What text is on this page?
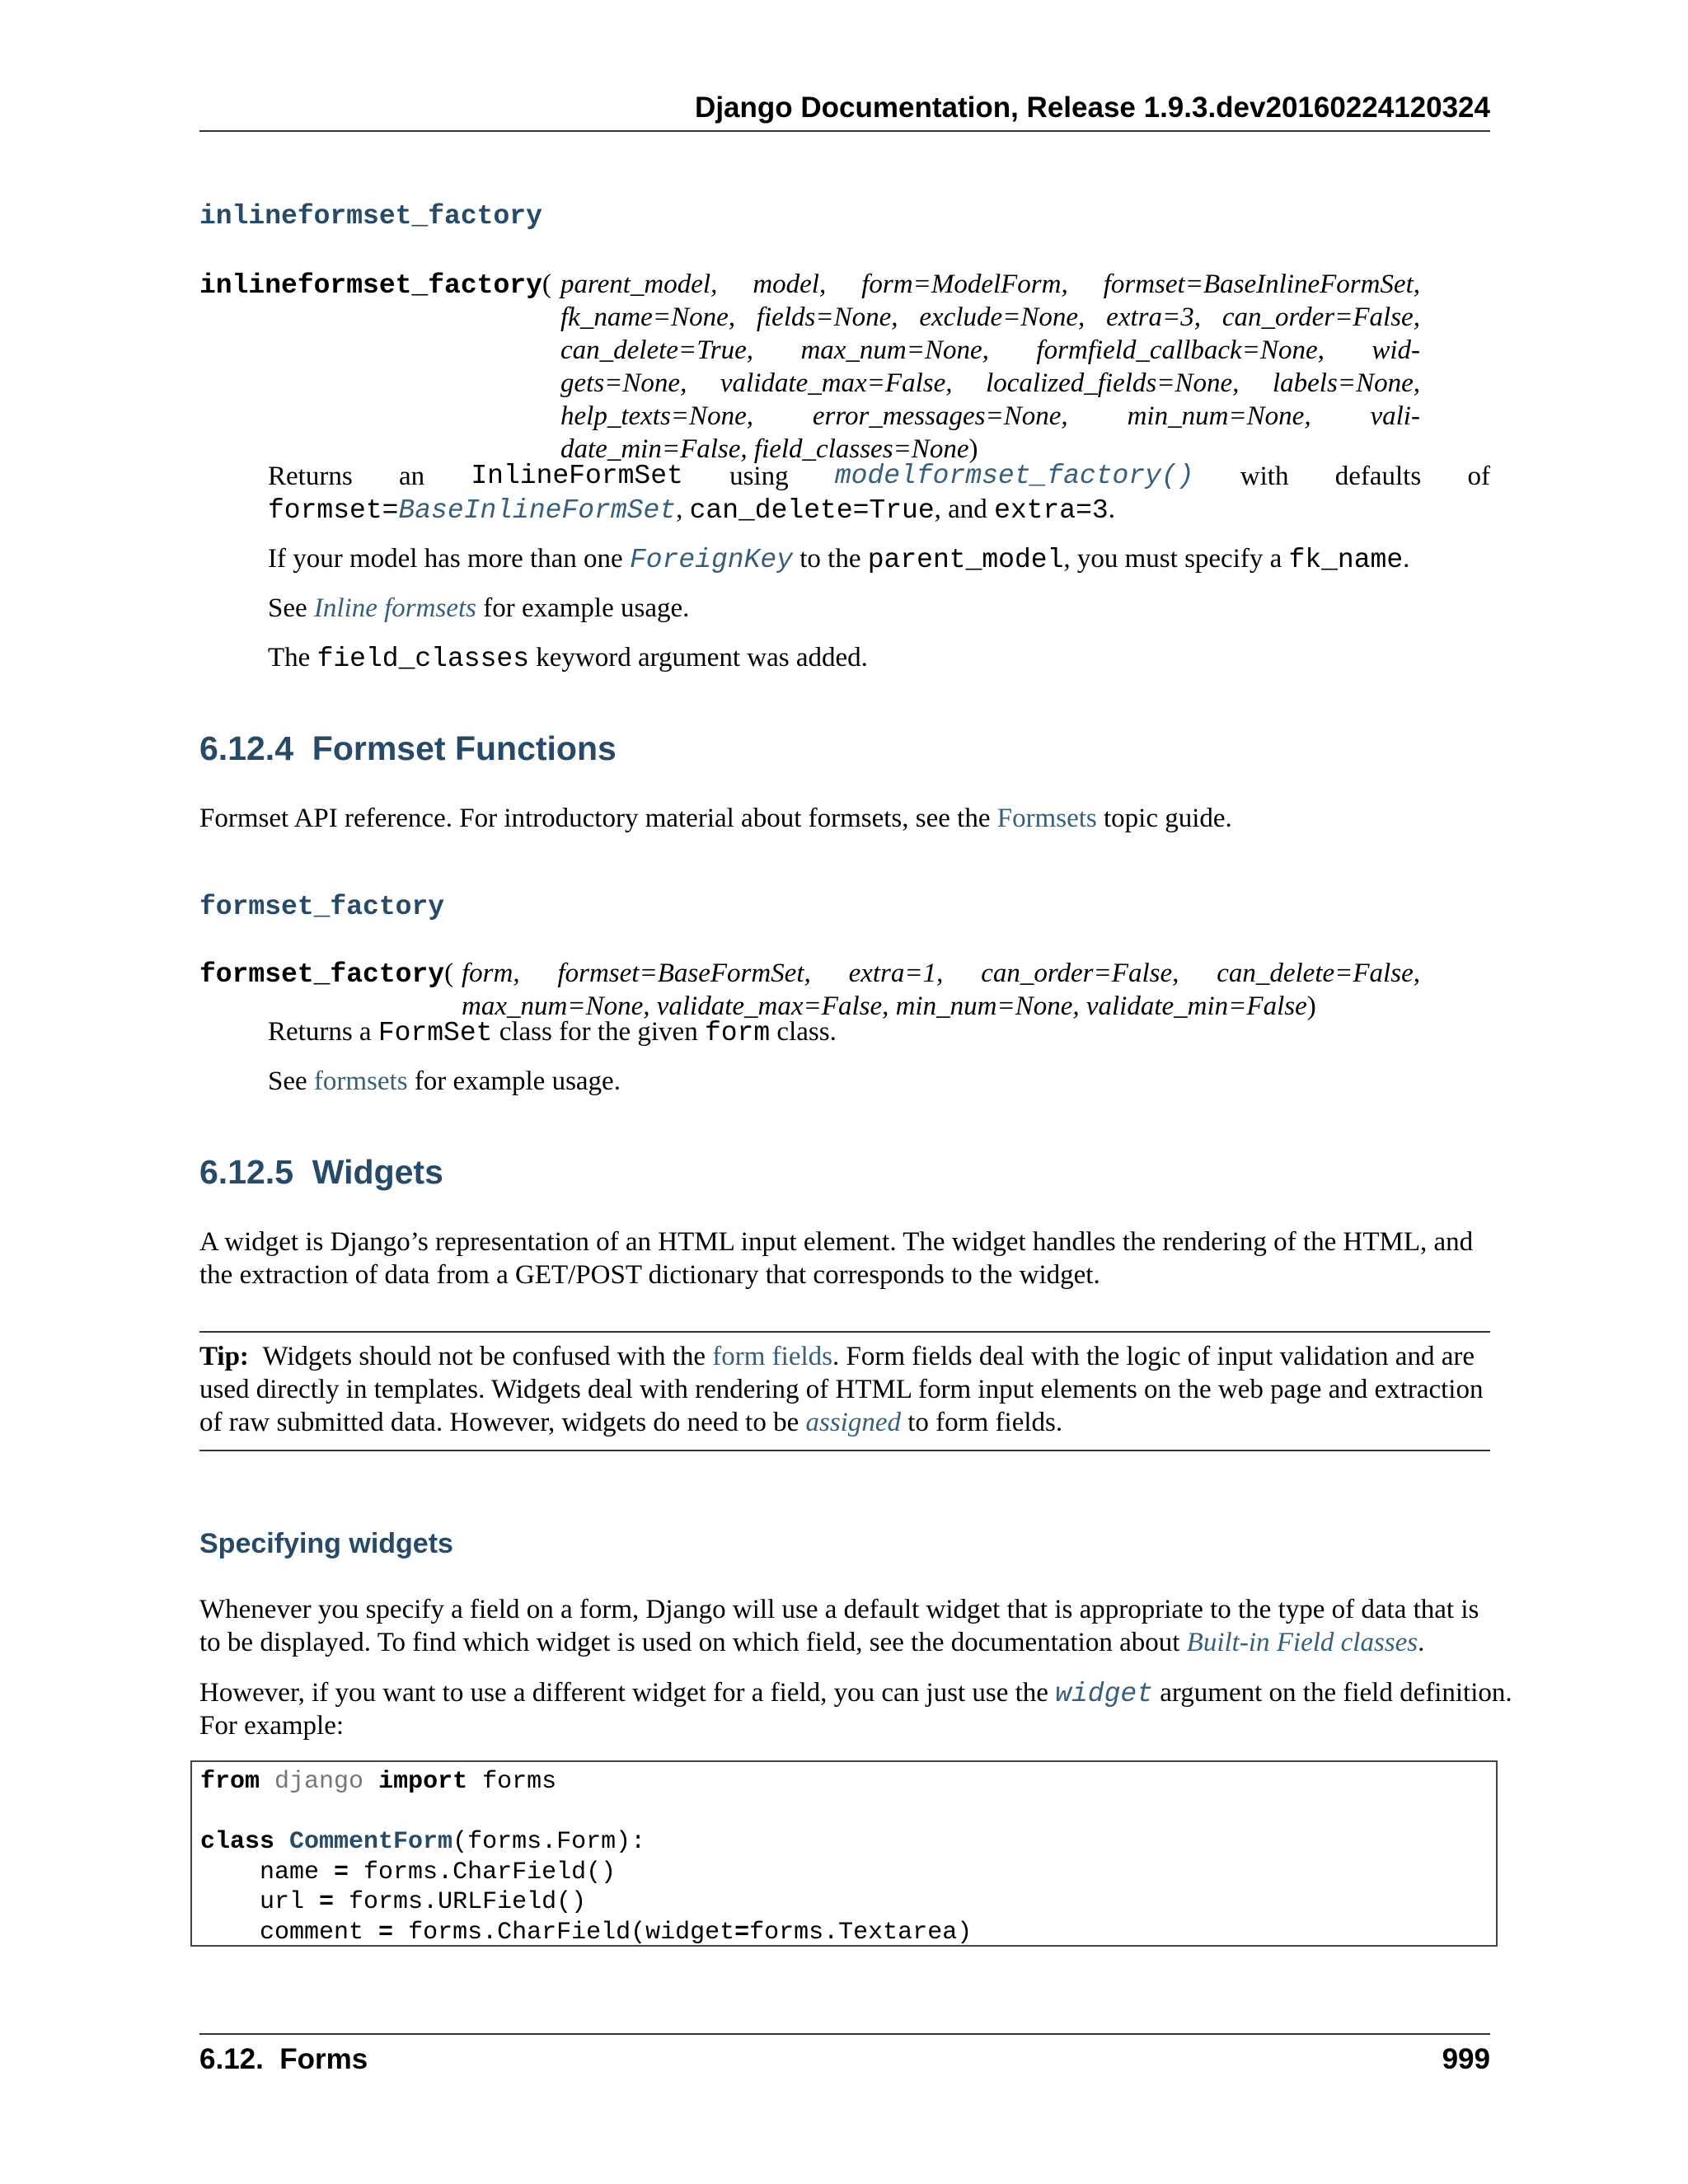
Django Documentation, Release 1.9.3.dev20160224120324
inlineformset_factory
inlineformset_factory( parent_model, model, form=ModelForm, formset=BaseInlineFormSet,
fk_name=None, fields=None, exclude=None, extra=3, can_order=False,
can_delete=True, max_num=None, formfield_callback=None, wid-
gets=None, validate_max=False, localized_fields=None, labels=None,
help_texts=None, error_messages=None, min_num=None, vali-
date_min=False, field_classes=None)
Returns an InlineFormSet using modelformset_factory() with defaults of
formset=BaseInlineFormSet, can_delete=True, and extra=3.
If your model has more than one ForeignKey to the parent_model, you must specify a fk_name.
See Inline formsets for example usage.
The field_classes keyword argument was added.
6.12.4 Formset Functions
Formset API reference. For introductory material about formsets, see the Formsets topic guide.
formset_factory
formset_factory( form, formset=BaseFormSet, extra=1, can_order=False, can_delete=False,
max_num=None, validate_max=False, min_num=None, validate_min=False)
Returns a FormSet class for the given form class.
See formsets for example usage.
6.12.5 Widgets
A widget is Django’s representation of an HTML input element. The widget handles the rendering of the HTML, and
the extraction of data from a GET/POST dictionary that corresponds to the widget.
Tip: Widgets should not be confused with the form fields. Form fields deal with the logic of input validation and are
used directly in templates. Widgets deal with rendering of HTML form input elements on the web page and extraction
of raw submitted data. However, widgets do need to be assigned to form fields.
Specifying widgets
Whenever you specify a field on a form, Django will use a default widget that is appropriate to the type of data that is
to be displayed. To find which widget is used on which field, see the documentation about Built-in Field classes.
However, if you want to use a different widget for a field, you can just use the widget argument on the field definition.
For example:
from django import forms

class CommentForm(forms.Form):
name = forms.CharField()
url = forms.URLField()
comment = forms.CharField(widget=forms.Textarea)
6.12.  Forms	999
